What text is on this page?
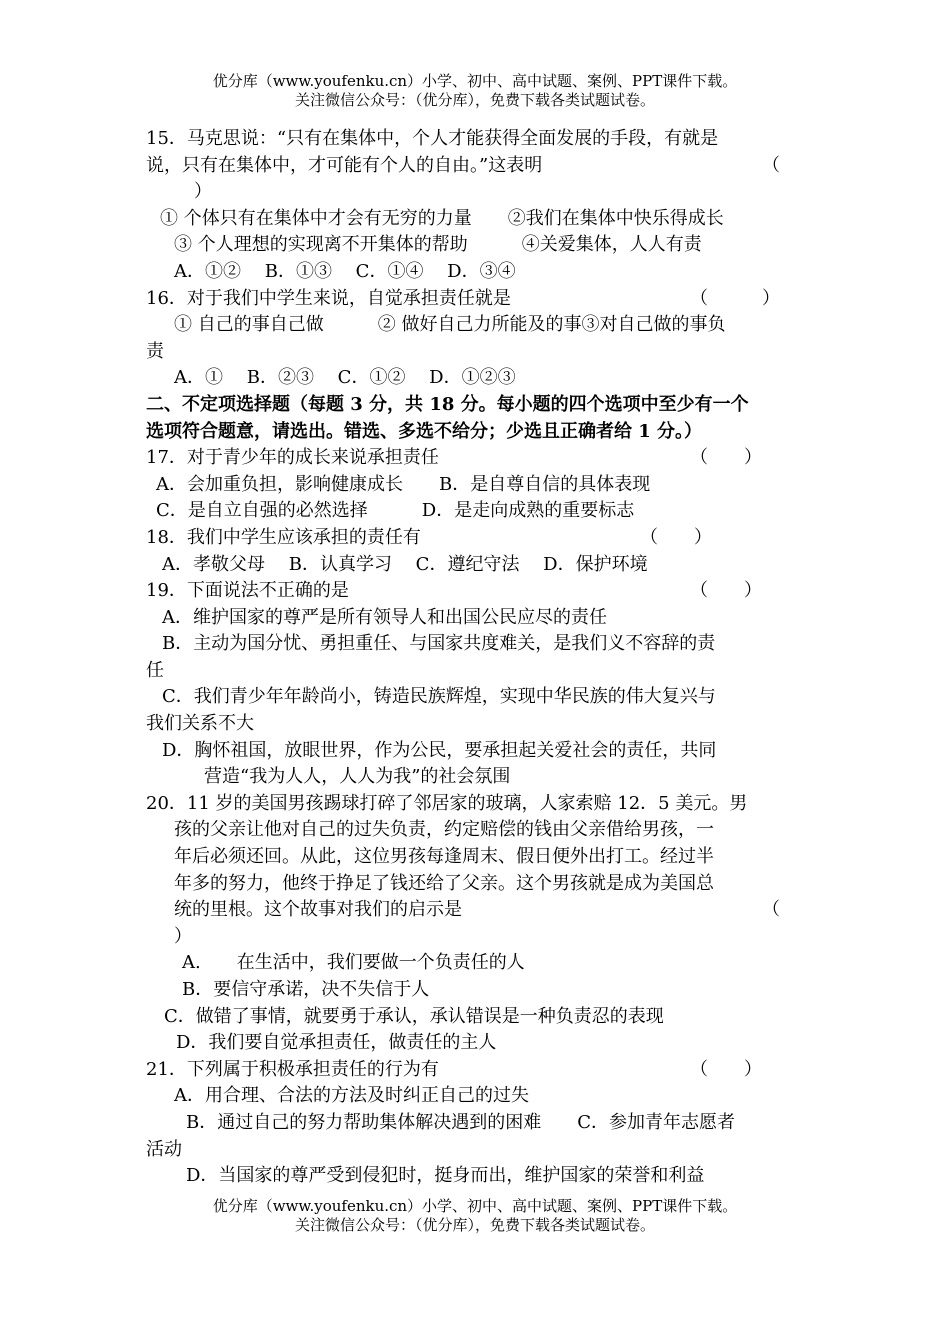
优分库（www.youfenku.cn）小学、初中、高中试题、案例、PPT课件下载。
关注微信公众号：（优分库），免费下载各类试题试卷。
15．马克思说：“只有在集体中，个人才能获得全面发展的手段，有就是
说，只有在集体中，才可能有个人的自由。”这表明	（
）

① 个体只有在集体中才会有无穷的力量　　②我们在集体中快乐得成长
③ 个人理想的实现离不开集体的帮助　　　④关爱集体，人人有责
A．①②　 B．①③　 C．①④　 D．③④
16．对于我们中学生来说，自觉承担责任就是	（　　　）
① 自己的事自己做　　　② 做好自己力所能及的事③对自己做的事负
责
A．①　 B．②③　 C．①②　 D．①②③
二、不定项选择题（每题 3 分，共 18 分。每小题的四个选项中至少有一个
选项符合题意，请选出。错选、多选不给分；少选且正确者给 1 分。）
17．对于青少年的成长来说承担责任	（　　）
A．会加重负担，影响健康成长　　B．是自尊自信的具体表现
C．是自立自强的必然选择　　　D．是走向成熟的重要标志
18．我们中学生应该承担的责任有	（　　）
A．孝敬父母　 B．认真学习　 C．遵纪守法　 D．保护环境
19．下面说法不正确的是	（　　）
A．维护国家的尊严是所有领导人和出国公民应尽的责任
B．主动为国分忧、勇担重任、与国家共度难关，是我们义不容辞的责
任
C．我们青少年年龄尚小，铸造民族辉煌，实现中华民族的伟大复兴与
我们关系不大
D．胸怀祖国，放眼世界，作为公民，要承担起关爱社会的责任，共同
营造“我为人人，人人为我”的社会氛围
20．11 岁的美国男孩踢球打碎了邻居家的玻璃，人家索赔 12．5 美元。男
孩的父亲让他对自己的过失负责，约定赔偿的钱由父亲借给男孩，一
年后必须还回。从此，这位男孩每逢周末、假日便外出打工。经过半
年多的努力，他终于挣足了钱还给了父亲。这个男孩就是成为美国总
统的里根。这个故事对我们的启示是	（
）

A.　　在生活中，我们要做一个负责任的人
B．要信守承诺，决不失信于人
C．做错了事情，就要勇于承认，承认错误是一种负责忍的表现
D．我们要自觉承担责任，做责任的主人
21．下列属于积极承担责任的行为有	（　　）
A．用合理、合法的方法及时纠正自己的过失
B．通过自己的努力帮助集体解决遇到的困难　　C．参加青年志愿者
活动
D．当国家的尊严受到侵犯时，挺身而出，维护国家的荣誉和利益
优分库（www.youfenku.cn）小学、初中、高中试题、案例、PPT课件下载。
关注微信公众号：（优分库），免费下载各类试题试卷。
